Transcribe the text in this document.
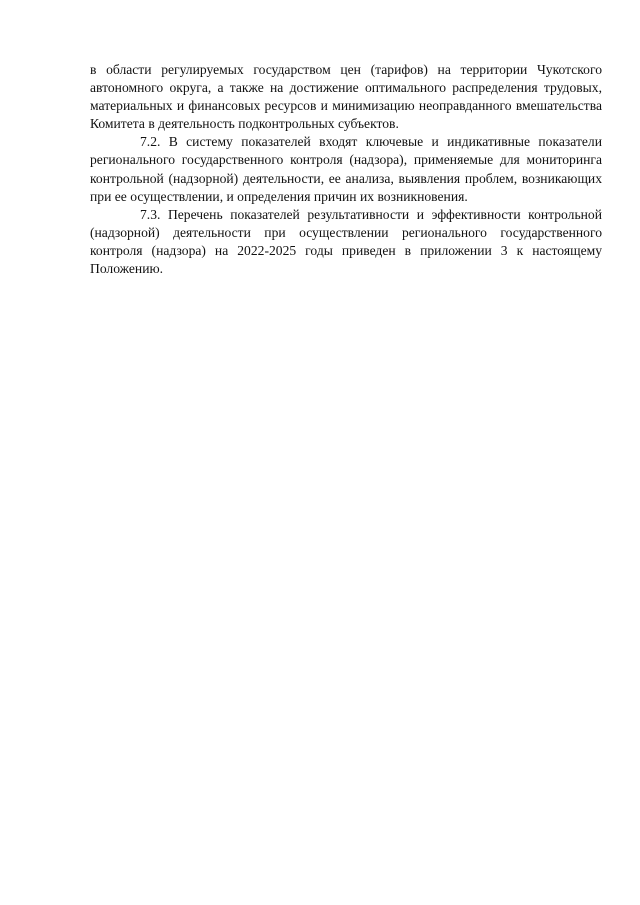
в области регулируемых государством цен (тарифов) на территории Чукотского автономного округа, а также на достижение оптимального распределения трудовых, материальных и финансовых ресурсов и минимизацию неоправданного вмешательства Комитета в деятельность подконтрольных субъектов.

7.2. В систему показателей входят ключевые и индикативные показатели регионального государственного контроля (надзора), применяемые для мониторинга контрольной (надзорной) деятельности, ее анализа, выявления проблем, возникающих при ее осуществлении, и определения причин их возникновения.

7.3. Перечень показателей результативности и эффективности контрольной (надзорной) деятельности при осуществлении регионального государственного контроля (надзора) на 2022-2025 годы приведен в приложении 3 к настоящему Положению.
